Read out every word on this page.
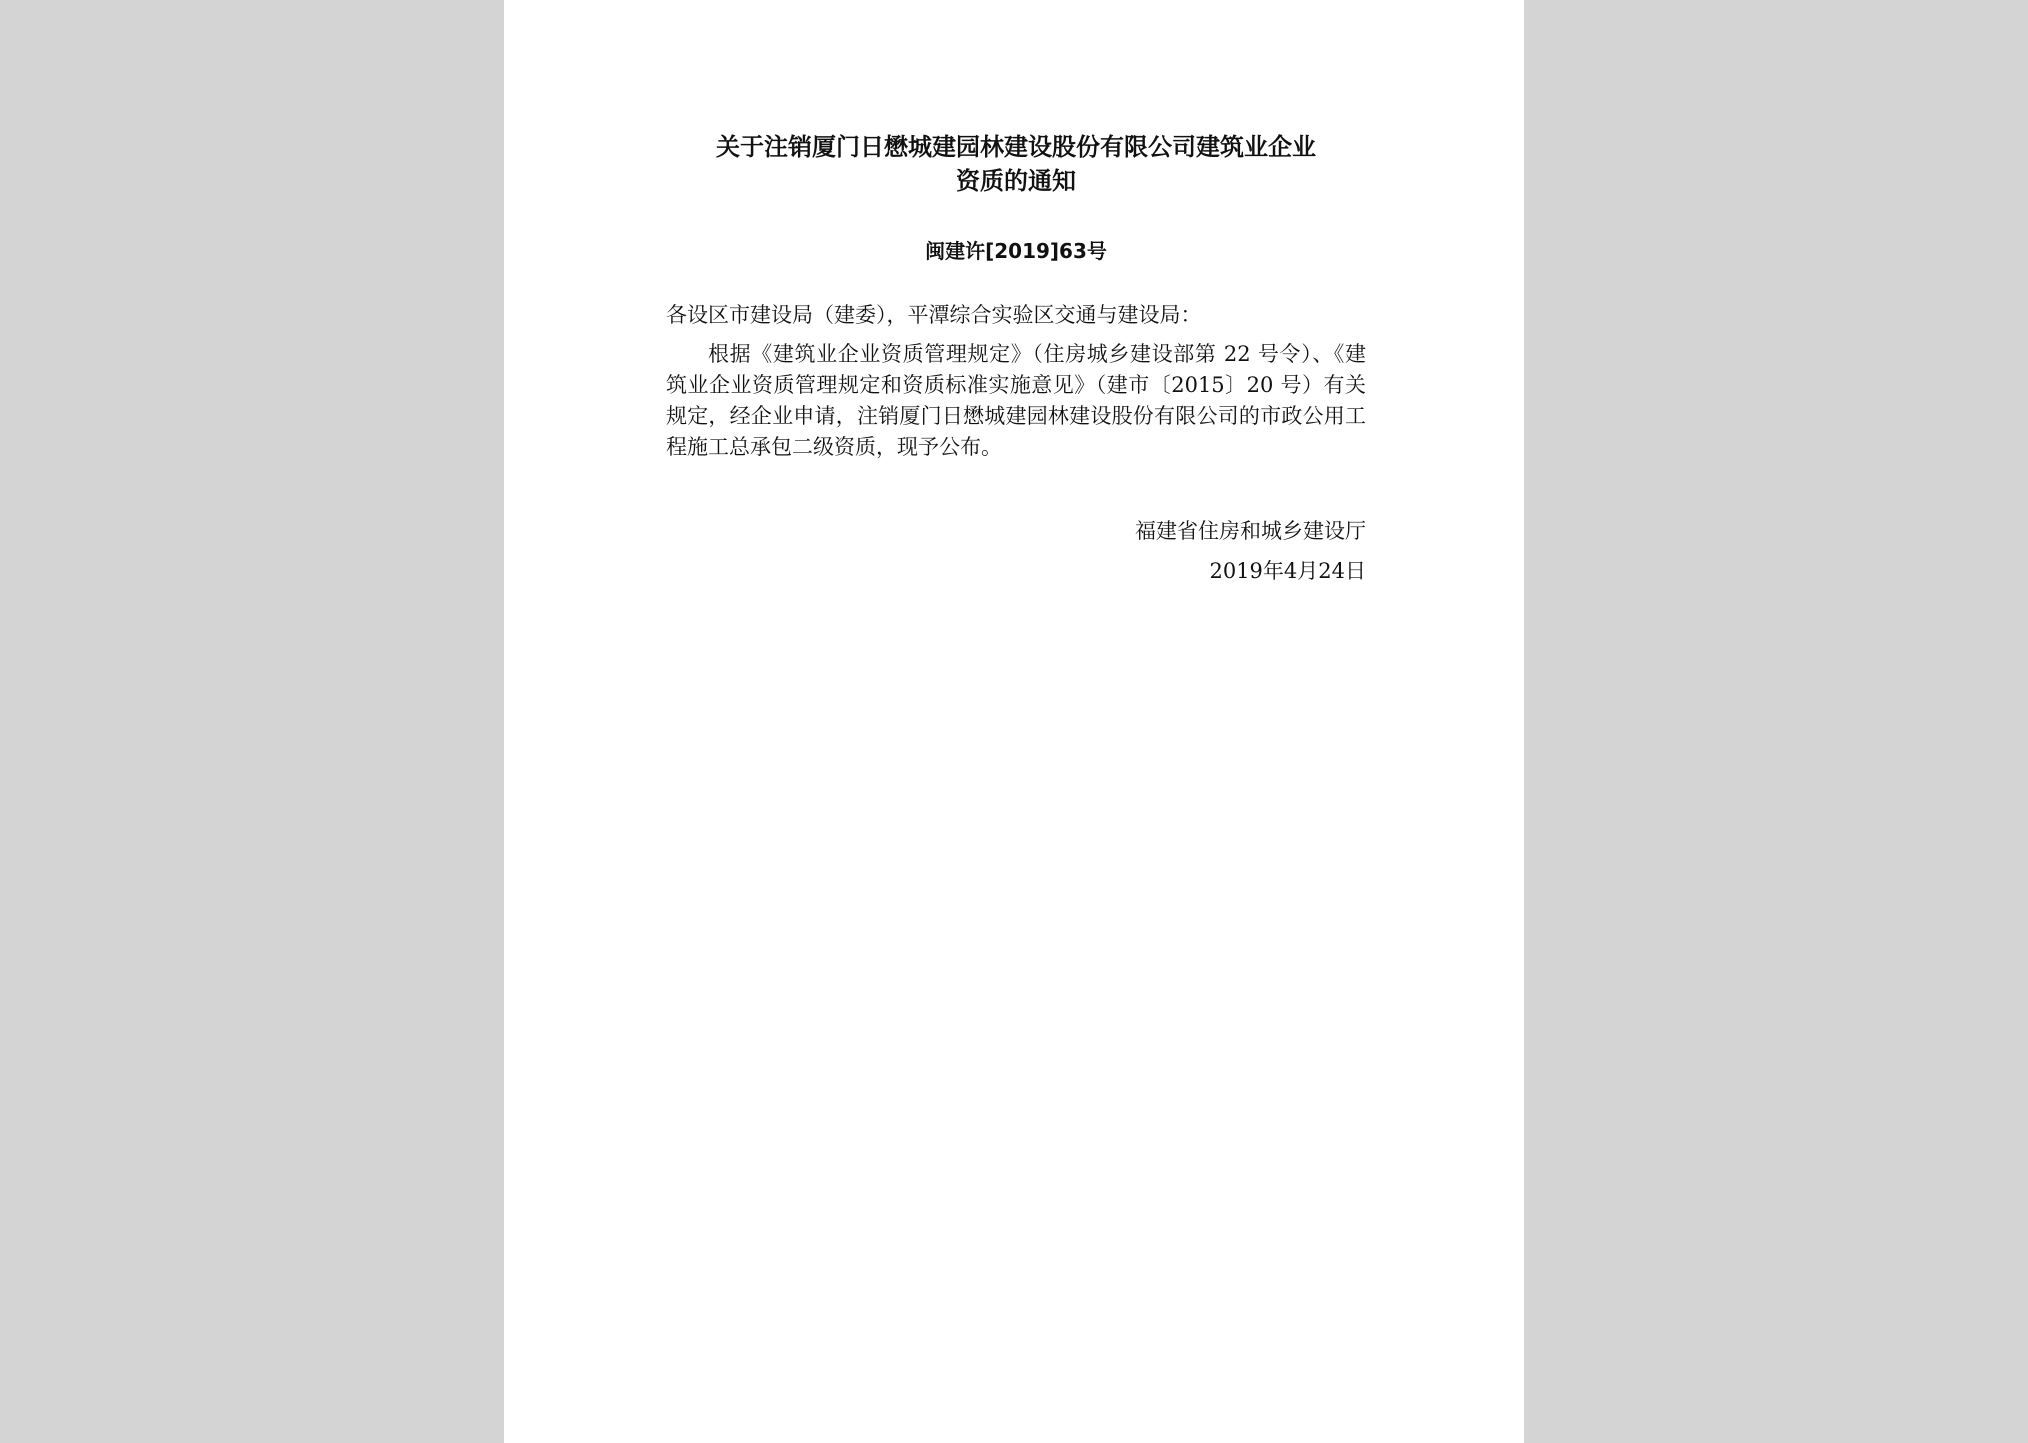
关于注销厦门日懋城建园林建设股份有限公司建筑业企业
资质的通知
闽建许[2019]63号

各设区市建设局（建委），平潭综合实验区交通与建设局：

根据《建筑业企业资质管理规定》（住房城乡建设部第 22 号令）、《建筑业企业资质管理规定和资质标准实施意见》（建市〔2015〕20 号）有关规定，经企业申请，注销厦门日懋城建园林建设股份有限公司的市政公用工程施工总承包二级资质，现予公布。

福建省住房和城乡建设厅
2019年4月24日
